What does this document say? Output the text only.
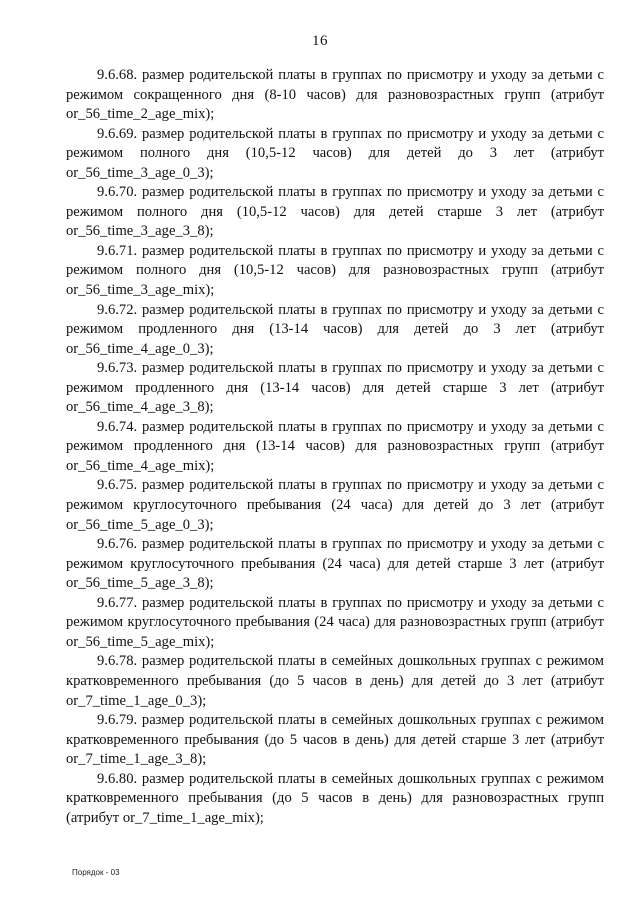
16

9.6.68. размер родительской платы в группах по присмотру и уходу за детьми с режимом сокращенного дня (8-10 часов) для разновозрастных групп (атрибут or_56_time_2_age_mix);

9.6.69. размер родительской платы в группах по присмотру и уходу за детьми с режимом полного дня (10,5-12 часов) для детей до 3 лет (атрибут or_56_time_3_age_0_3);

9.6.70. размер родительской платы в группах по присмотру и уходу за детьми с режимом полного дня (10,5-12 часов) для детей старше 3 лет (атрибут or_56_time_3_age_3_8);

9.6.71. размер родительской платы в группах по присмотру и уходу за детьми с режимом полного дня (10,5-12 часов) для разновозрастных групп (атрибут or_56_time_3_age_mix);

9.6.72. размер родительской платы в группах по присмотру и уходу за детьми с режимом продленного дня (13-14 часов) для детей до 3 лет (атрибут or_56_time_4_age_0_3);

9.6.73. размер родительской платы в группах по присмотру и уходу за детьми с режимом продленного дня (13-14 часов) для детей старше 3 лет (атрибут or_56_time_4_age_3_8);

9.6.74. размер родительской платы в группах по присмотру и уходу за детьми с режимом продленного дня (13-14 часов) для разновозрастных групп (атрибут or_56_time_4_age_mix);

9.6.75. размер родительской платы в группах по присмотру и уходу за детьми с режимом круглосуточного пребывания (24 часа) для детей до 3 лет (атрибут or_56_time_5_age_0_3);

9.6.76. размер родительской платы в группах по присмотру и уходу за детьми с режимом круглосуточного пребывания (24 часа) для детей старше 3 лет (атрибут or_56_time_5_age_3_8);

9.6.77. размер родительской платы в группах по присмотру и уходу за детьми с режимом круглосуточного пребывания (24 часа) для разновозрастных групп (атрибут or_56_time_5_age_mix);

9.6.78. размер родительской платы в семейных дошкольных группах с режимом кратковременного пребывания (до 5 часов в день) для детей до 3 лет (атрибут or_7_time_1_age_0_3);

9.6.79. размер родительской платы в семейных дошкольных группах с режимом кратковременного пребывания (до 5 часов в день) для детей старше 3 лет (атрибут or_7_time_1_age_3_8);

9.6.80. размер родительской платы в семейных дошкольных группах с режимом кратковременного пребывания (до 5 часов в день) для разновозрастных групп (атрибут or_7_time_1_age_mix);

Порядок - 03
